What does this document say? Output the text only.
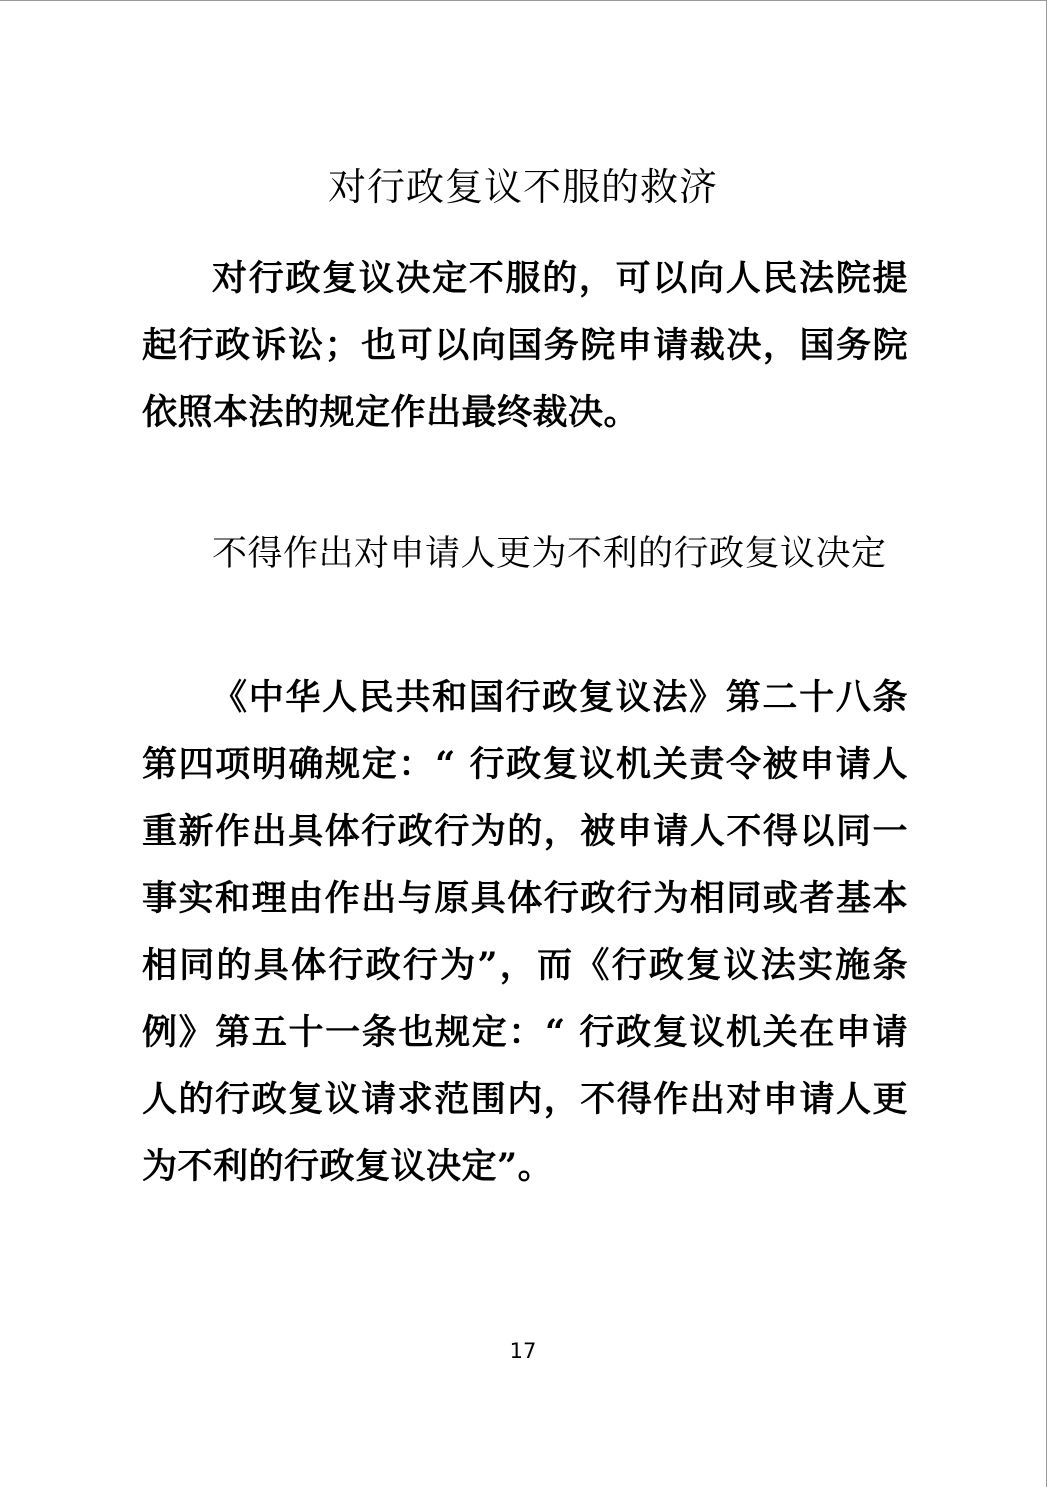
对行政复议不服的救济

对行政复议决定不服的，可以向人民法院提起行政诉讼；也可以向国务院申请裁决，国务院依照本法的规定作出最终裁决。

不得作出对申请人更为不利的行政复议决定

《中华人民共和国行政复议法》第二十八条第四项明确规定：“ 行政复议机关责令被申请人重新作出具体行政行为的，被申请人不得以同一事实和理由作出与原具体行政行为相同或者基本相同的具体行政行为”，而《行政复议法实施条例》第五十一条也规定：“ 行政复议机关在申请人的行政复议请求范围内，不得作出对申请人更为不利的行政复议决定”。

17
